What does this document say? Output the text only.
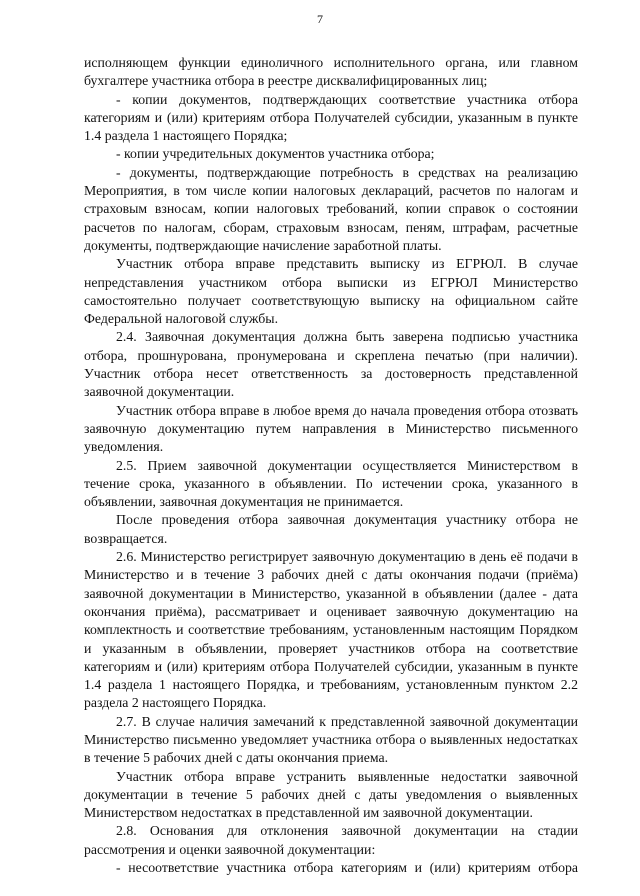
7

исполняющем функции единоличного исполнительного органа, или главном бухгалтере участника отбора в реестре дисквалифицированных лиц;

- копии документов, подтверждающих соответствие участника отбора категориям и (или) критериям отбора Получателей субсидии, указанным в пункте 1.4 раздела 1 настоящего Порядка;

- копии учредительных документов участника отбора;

- документы, подтверждающие потребность в средствах на реализацию Мероприятия, в том числе копии налоговых деклараций, расчетов по налогам и страховым взносам, копии налоговых требований, копии справок о состоянии расчетов по налогам, сборам, страховым взносам, пеням, штрафам, расчетные документы, подтверждающие начисление заработной платы.

Участник отбора вправе представить выписку из ЕГРЮЛ. В случае непредставления участником отбора выписки из ЕГРЮЛ Министерство самостоятельно получает соответствующую выписку на официальном сайте Федеральной налоговой службы.

2.4. Заявочная документация должна быть заверена подписью участника отбора, прошнурована, пронумерована и скреплена печатью (при наличии). Участник отбора несет ответственность за достоверность представленной заявочной документации.

Участник отбора вправе в любое время до начала проведения отбора отозвать заявочную документацию путем направления в Министерство письменного уведомления.

2.5. Прием заявочной документации осуществляется Министерством в течение срока, указанного в объявлении. По истечении срока, указанного в объявлении, заявочная документация не принимается.

После проведения отбора заявочная документация участнику отбора не возвращается.

2.6. Министерство регистрирует заявочную документацию в день её подачи в Министерство и в течение 3 рабочих дней с даты окончания подачи (приёма) заявочной документации в Министерство, указанной в объявлении (далее - дата окончания приёма), рассматривает и оценивает заявочную документацию на комплектность и соответствие требованиям, установленным настоящим Порядком и указанным в объявлении, проверяет участников отбора на соответствие категориям и (или) критериям отбора Получателей субсидии, указанным в пункте 1.4 раздела 1 настоящего Порядка, и требованиям, установленным пунктом 2.2 раздела 2 настоящего Порядка.

2.7. В случае наличия замечаний к представленной заявочной документации Министерство письменно уведомляет участника отбора о выявленных недостатках в течение 5 рабочих дней с даты окончания приема.

Участник отбора вправе устранить выявленные недостатки заявочной документации в течение 5 рабочих дней с даты уведомления о выявленных Министерством недостатках в представленной им заявочной документации.

2.8. Основания для отклонения заявочной документации на стадии рассмотрения и оценки заявочной документации:

- несоответствие участника отбора категориям и (или) критериям отбора
